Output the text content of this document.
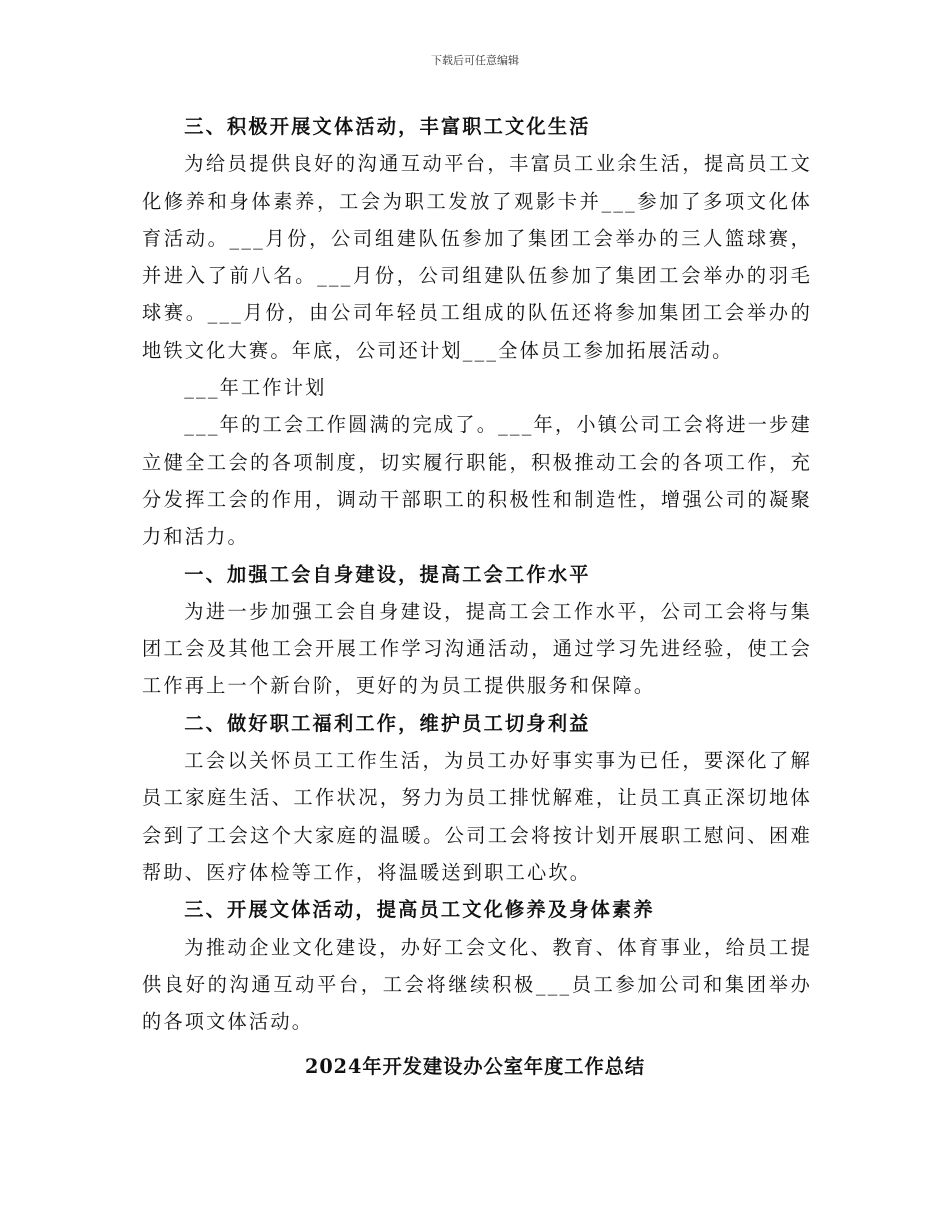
下载后可任意编辑

三、积极开展文体活动，丰富职工文化生活

为给员提供良好的沟通互动平台，丰富员工业余生活，提高员工文化修养和身体素养，工会为职工发放了观影卡并___参加了多项文化体育活动。___月份，公司组建队伍参加了集团工会举办的三人篮球赛，并进入了前八名。___月份，公司组建队伍参加了集团工会举办的羽毛球赛。___月份，由公司年轻员工组成的队伍还将参加集团工会举办的地铁文化大赛。年底，公司还计划___全体员工参加拓展活动。

___年工作计划

___年的工会工作圆满的完成了。___年，小镇公司工会将进一步建立健全工会的各项制度，切实履行职能，积极推动工会的各项工作，充分发挥工会的作用，调动干部职工的积极性和制造性，增强公司的凝聚力和活力。

一、加强工会自身建设，提高工会工作水平

为进一步加强工会自身建设，提高工会工作水平，公司工会将与集团工会及其他工会开展工作学习沟通活动，通过学习先进经验，使工会工作再上一个新台阶，更好的为员工提供服务和保障。

二、做好职工福利工作，维护员工切身利益

工会以关怀员工工作生活，为员工办好事实事为已任，要深化了解员工家庭生活、工作状况，努力为员工排忧解难，让员工真正深切地体会到了工会这个大家庭的温暖。公司工会将按计划开展职工慰问、困难帮助、医疗体检等工作，将温暖送到职工心坎。

三、开展文体活动，提高员工文化修养及身体素养

为推动企业文化建设，办好工会文化、教育、体育事业，给员工提供良好的沟通互动平台，工会将继续积极___员工参加公司和集团举办的各项文体活动。

2024年开发建设办公室年度工作总结
